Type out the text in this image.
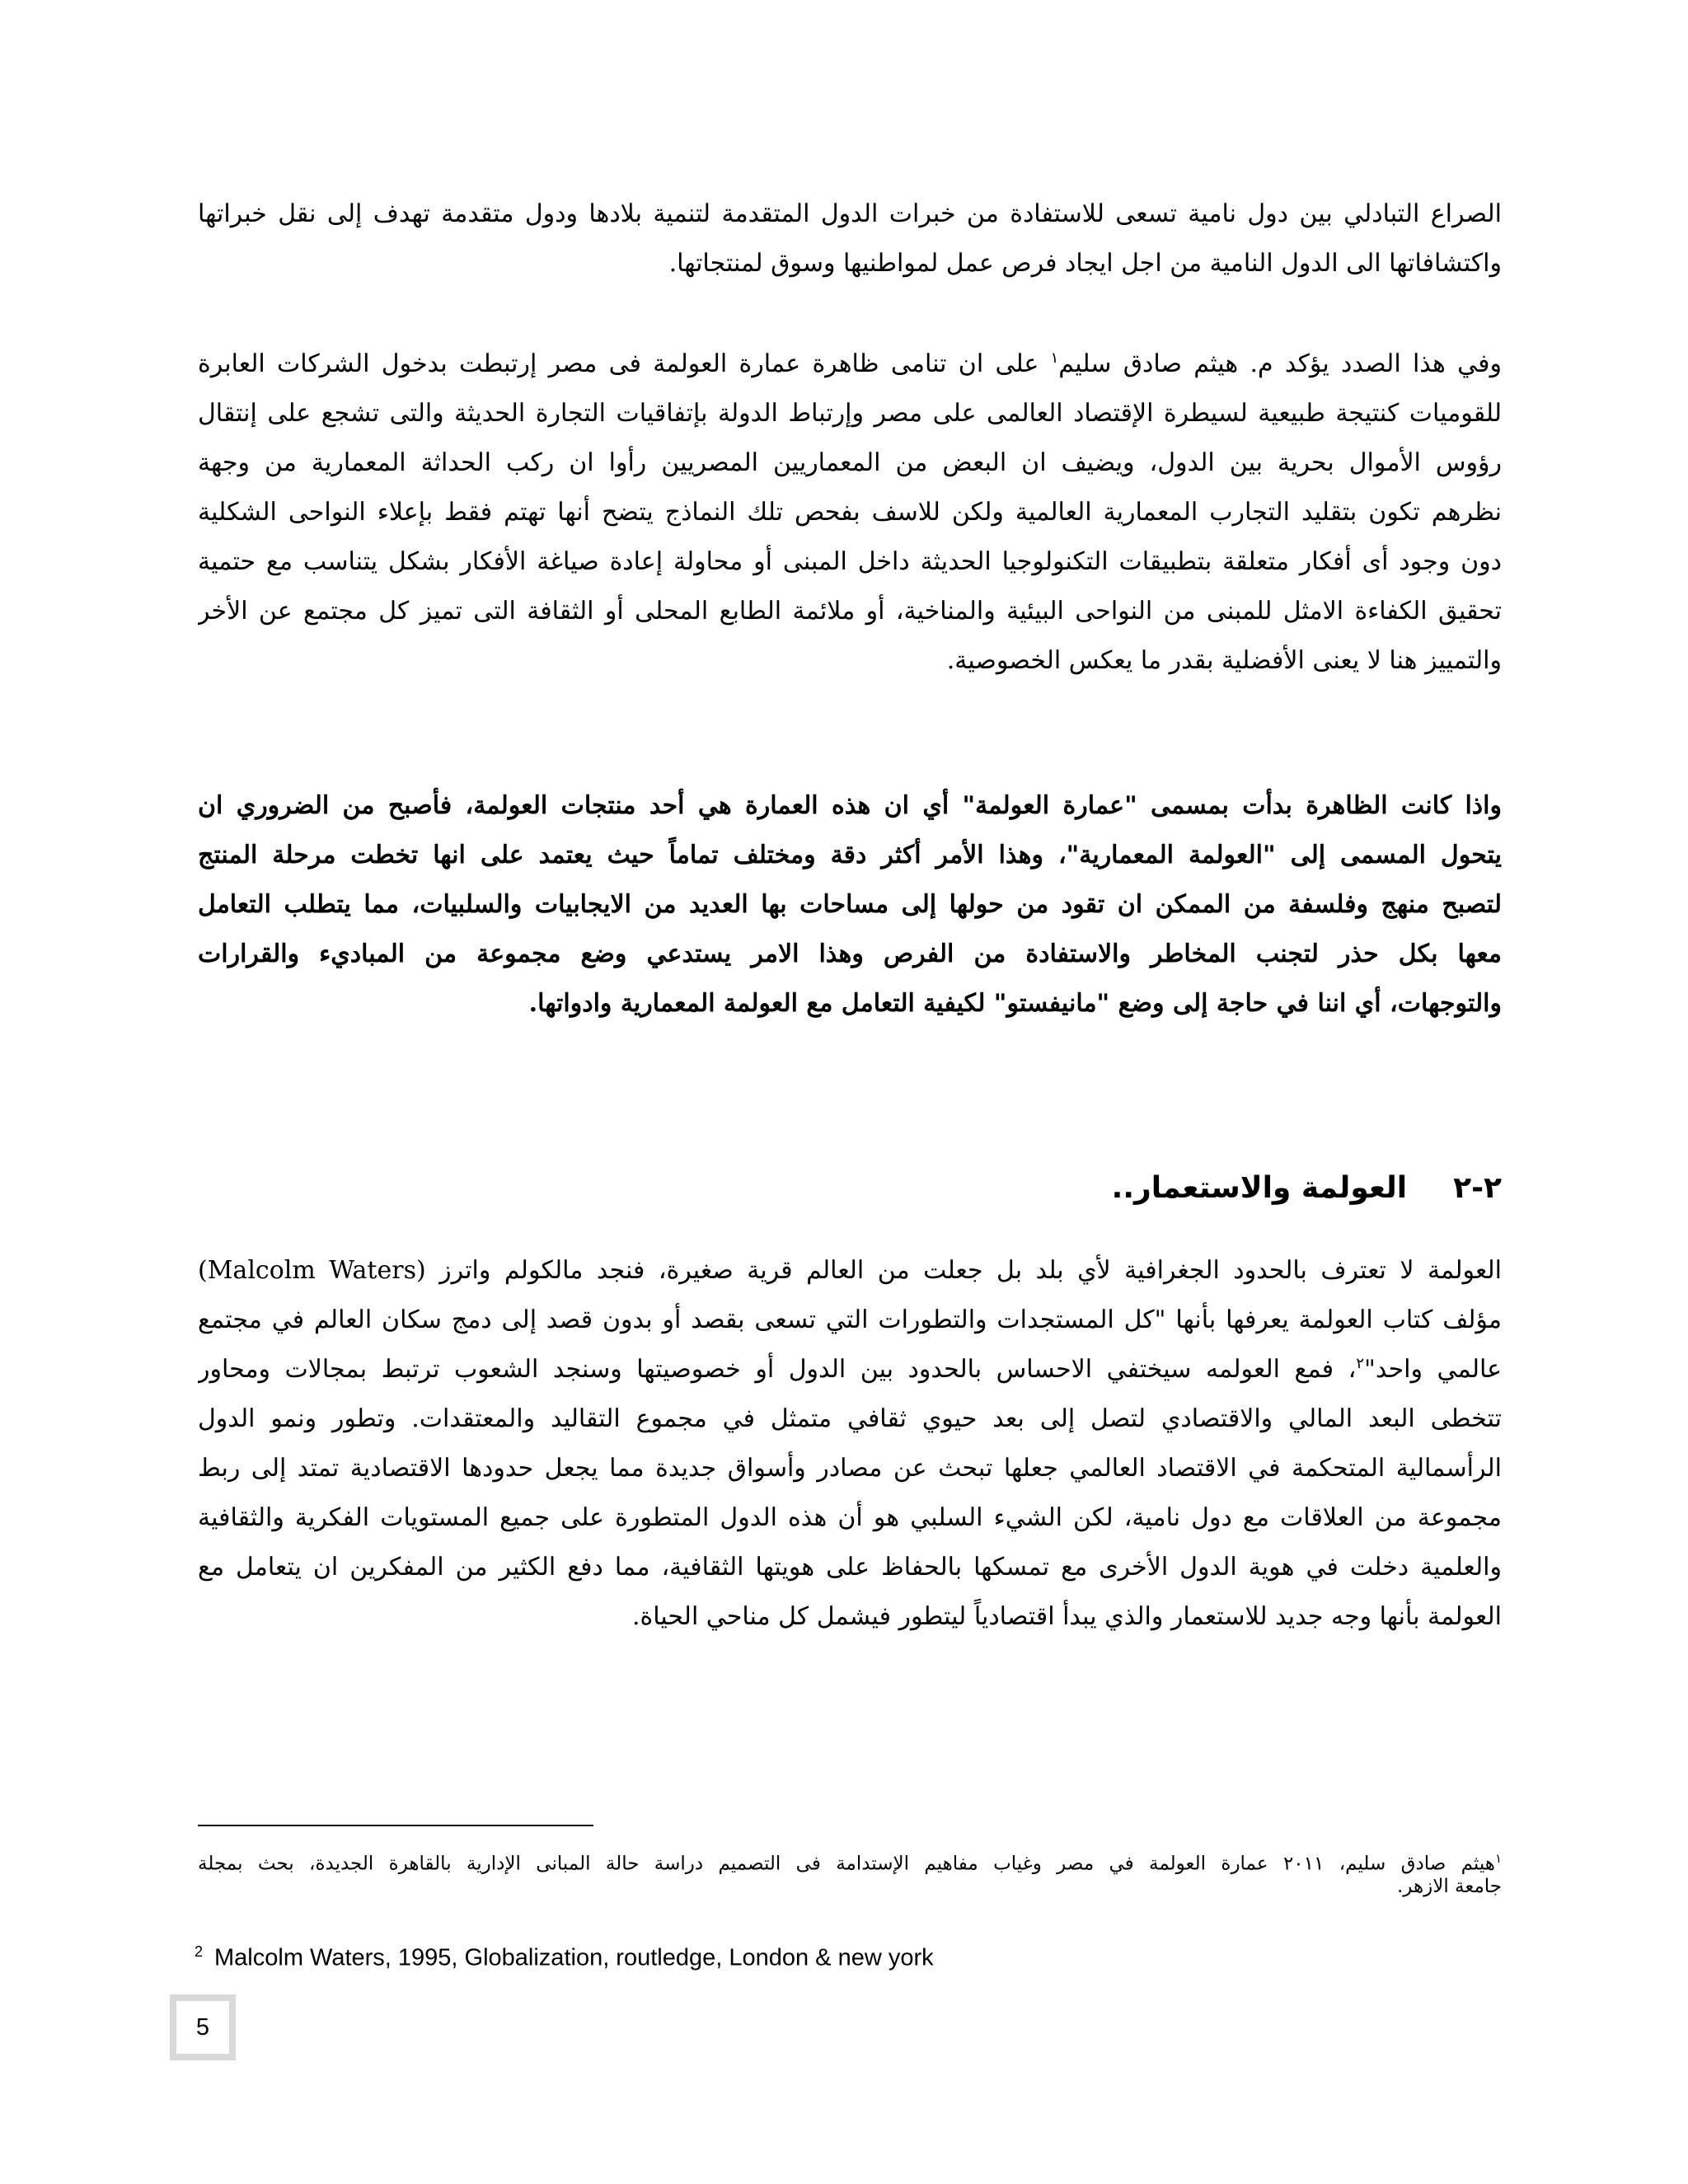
الصراع التبادلي بين دول نامية تسعى للاستفادة من خبرات الدول المتقدمة لتنمية بلادها ودول متقدمة تهدف إلى نقل خبراتها
واكتشافاتها الى الدول النامية من اجل ايجاد فرص عمل لمواطنيها وسوق لمنتجاتها.
وفي هذا الصدد يؤكد م. هيثم صادق سليم$^١$ على ان تنامى ظاهرة عمارة العولمة فى مصر إرتبطت بدخول الشركات العابرة
للقوميات كنتيجة طبيعية لسيطرة الإقتصاد العالمى على مصر وإرتباط الدولة بإتفاقيات التجارة الحديثة والتى تشجع على إنتقال
رؤوس الأموال بحرية بين الدول، ويضيف ان البعض من المعماريين المصريين رأوا ان ركب الحداثة المعمارية من وجهة
نظرهم تكون بتقليد التجارب المعمارية العالمية ولكن للاسف بفحص تلك النماذج يتضح أنها تهتم فقط بإعلاء النواحى الشكلية
دون وجود أى أفكار متعلقة بتطبيقات التكنولوجيا الحديثة داخل المبنى أو محاولة إعادة صياغة الأفكار بشكل يتناسب مع حتمية
تحقيق الكفاءة الامثل للمبنى من النواحى البيئية والمناخية، أو ملائمة الطابع المحلى أو الثقافة التى تميز كل مجتمع عن الأخر
والتمييز هنا لا يعنى الأفضلية بقدر ما يعكس الخصوصية.
واذا كانت الظاهرة بدأت بمسمى "عمارة العولمة" أي ان هذه العمارة هي أحد منتجات العولمة، فأصبح من الضروري ان
يتحول المسمى إلى "العولمة المعمارية"، وهذا الأمر أكثر دقة ومختلف تماماً حيث يعتمد على انها تخطت مرحلة المنتج
لتصبح منهج وفلسفة من الممكن ان تقود من حولها إلى مساحات بها العديد من الايجابيات والسلبيات، مما يتطلب التعامل
معها بكل حذر لتجنب المخاطر والاستفادة من الفرص وهذا الامر يستدعي وضع مجموعة من المباديء والقرارات
والتوجهات، أي اننا في حاجة إلى وضع "مانيفستو" لكيفية التعامل مع العولمة المعمارية وادواتها.
٢-٢العولمة والاستعمار..
العولمة لا تعترف بالحدود الجغرافية لأي بلد بل جعلت من العالم قرية صغيرة، فنجد مالكولم واترز (Malcolm Waters)
مؤلف كتاب العولمة يعرفها بأنها "كل المستجدات والتطورات التي تسعى بقصد أو بدون قصد إلى دمج سكان العالم في مجتمع
عالمي واحد"$^٢$، فمع العولمه سيختفي الاحساس بالحدود بين الدول أو خصوصيتها وسنجد الشعوب ترتبط بمجالات ومحاور
تتخطى البعد المالي والاقتصادي لتصل إلى بعد حيوي ثقافي متمثل في مجموع التقاليد والمعتقدات. وتطور ونمو الدول
الرأسمالية المتحكمة في الاقتصاد العالمي جعلها تبحث عن مصادر وأسواق جديدة مما يجعل حدودها الاقتصادية تمتد إلى ربط
مجموعة من العلاقات مع دول نامية، لكن الشيء السلبي هو أن هذه الدول المتطورة على جميع المستويات الفكرية والثقافية
والعلمية دخلت في هوية الدول الأخرى مع تمسكها بالحفاظ على هويتها الثقافية، مما دفع الكثير من المفكرين ان يتعامل مع
العولمة بأنها وجه جديد للاستعمار والذي يبدأ اقتصادياً ليتطور فيشمل كل مناحي الحياة.
$^١$هيثم صادق سليم، ٢٠١١ عمارة العولمة في مصر وغياب مفاهيم الإستدامة فى التصميم دراسة حالة المبانى الإدارية بالقاهرة الجديدة، بحث بمجلة
جامعة الازهر.
$^2$ Malcolm Waters, 1995, Globalization, routledge, London & new york
5
